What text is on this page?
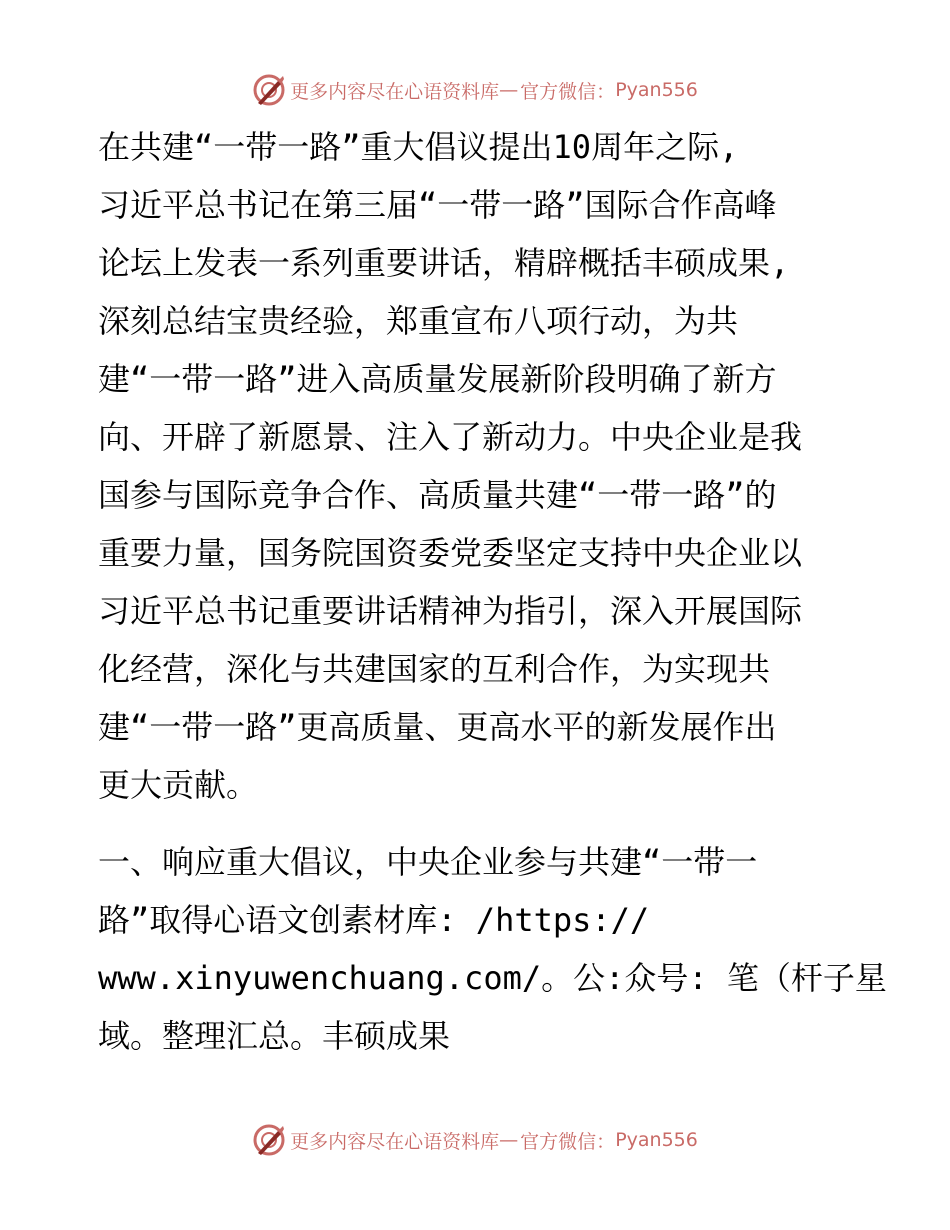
更多内容尽在心语资料库 — 官方微信： Pyan556

在共建“一带一路”重大倡议提出10周年之际,
习近平总书记在第三届“一带一路”国际合作高峰
论坛上发表一系列重要讲话，精辟概括丰硕成果,
深刻总结宝贵经验，郑重宣布八项行动，为共
建“一带一路”进入高质量发展新阶段明确了新方
向、开辟了新愿景、注入了新动力。中央企业是我
国参与国际竞争合作、高质量共建“一带一路”的
重要力量，国务院国资委党委坚定支持中央企业以
习近平总书记重要讲话精神为指引，深入开展国际
化经营，深化与共建国家的互利合作，为实现共
建“一带一路”更高质量、更高水平的新发展作出
更大贡献。

一、响应重大倡议，中央企业参与共建“一带一
路”取得心语文创素材库: /https://
www.xinyuwenchuang.com/。公:众号: 笔（杆子星
域。整理汇总。丰硕成果

更多内容尽在心语资料库 — 官方微信： Pyan556
